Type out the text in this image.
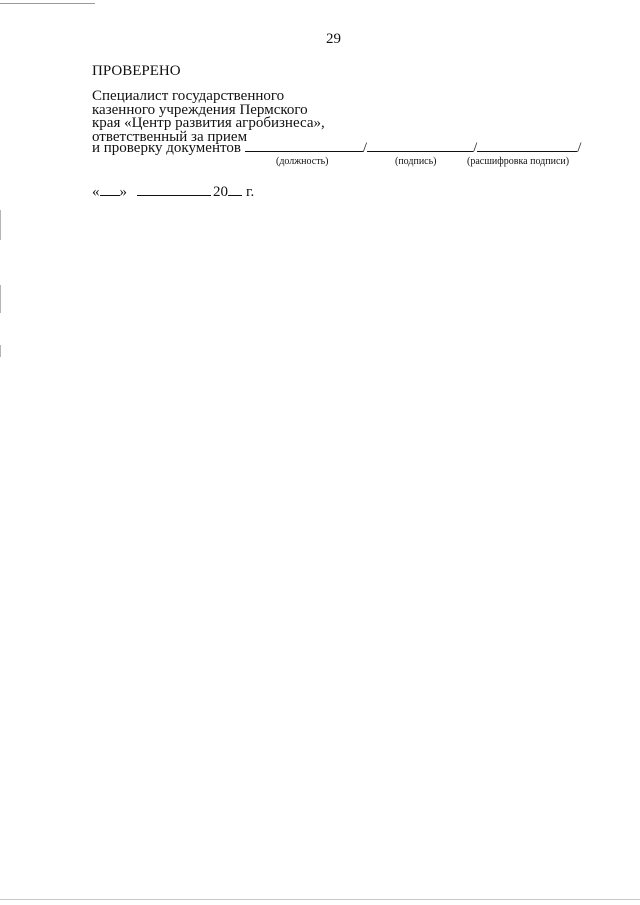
29
ПРОВЕРЕНО
Специалист государственного
казенного учреждения Пермского
края «Центр развития агробизнеса»,
ответственный за прием
и проверку документов	/	/	/
(должность)	(подпись)	(расшифровка подписи)
« »	20 г.
